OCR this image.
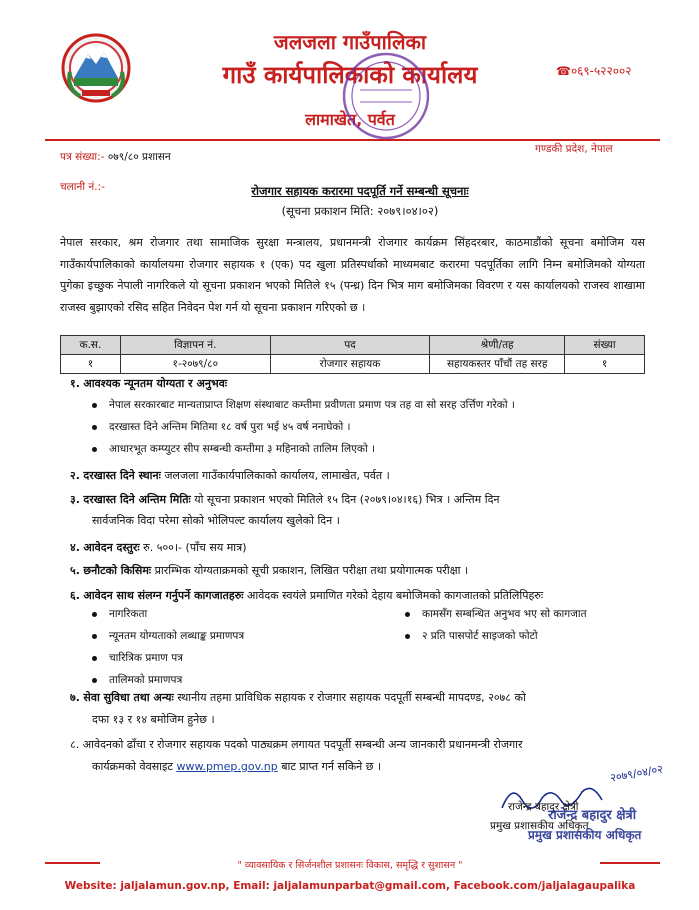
जलजला गाउँपालिका
गाउँ कार्यपालिकाको कार्यालय
लामाखेत, पर्वत
☎०६९-५२२००२
पत्र संख्या:- ०७९/८० प्रशासन
गण्डकी प्रदेश, नेपाल
चलानी नं.:-	रोजगार सहायक करारमा पदपूर्ति गर्ने सम्बन्धी सूचनाः
(सूचना प्रकाशन मिति: २०७९।०४।०२)
नेपाल सरकार, श्रम रोजगार तथा सामाजिक सुरक्षा मन्त्रालय, प्रधानमन्त्री रोजगार कार्यक्रम सिंहदरबार, काठमाडौंको सूचना बमोजिम यस गाउँकार्यपालिकाको कार्यालयमा रोजगार सहायक १ (एक) पद खुला प्रतिस्पर्धाको माध्यमबाट करारमा पदपूर्तिका लागि निम्न बमोजिमको योग्यता पुगेका इच्छुक नेपाली नागरिकले यो सूचना प्रकाशन भएको मितिले १५ (पन्ध्र) दिन भित्र माग बमोजिमका विवरण र यस कार्यालयको राजस्व शाखामा राजस्व बुझाएको रसिद सहित निवेदन पेश गर्न यो सूचना प्रकाशन गरिएको छ ।
क.स.	विज्ञापन नं.	पद	श्रेणी/तह	संख्या
१	१-२०७९/८०	रोजगार सहायक	सहायकस्तर पाँचौं तह सरह	१
१. आवश्यक न्यूनतम योग्यता र अनुभवः
नेपाल सरकारबाट मान्यताप्राप्त शिक्षण संस्थाबाट कम्तीमा प्रवीणता प्रमाण पत्र तह वा सो सरह उर्त्तिण गरेको ।
दरखास्त दिने अन्तिम मितिमा १८ वर्ष पुरा भई ४५ वर्ष ननाघेको ।
आधारभूत कम्प्युटर सीप सम्बन्धी कम्तीमा ३ महिनाको तालिम लिएको ।
२. दरखास्त दिने स्थानः जलजला गाउँकार्यपालिकाको कार्यालय, लामाखेत, पर्वत ।
३. दरखास्त दिने अन्तिम मितिः यो सूचना प्रकाशन भएको मितिले १५ दिन (२०७९।०४।१६) भित्र । अन्तिम दिन
सार्वजनिक विदा परेमा सोको भोलिपल्ट कार्यालय खुलेको दिन ।
४. आवेदन दस्तुरः रु. ५००।- (पाँच सय मात्र)
५. छनौटको किसिमः प्रारम्भिक योग्यताक्रमको सूची प्रकाशन, लिखित परीक्षा तथा प्रयोगात्मक परीक्षा ।
६. आवेदन साथ संलग्न गर्नुपर्ने कागजातहरुः आवेदक स्वयंले प्रमाणित गरेको देहाय बमोजिमको कागजातको प्रतिलिपिहरुः
नागरिकता
न्यूनतम योग्यताको लब्धाङ्क प्रमाणपत्र
चारित्रिक प्रमाण पत्र
तालिमको प्रमाणपत्र
कामसँग सम्बन्धित अनुभव भए सो कागजात
२ प्रति पासपोर्ट साइजको फोटो
७. सेवा सुविधा तथा अन्यः स्थानीय तहमा प्राविधिक सहायक र रोजगार सहायक पदपूर्ती सम्बन्धी मापदण्ड, २०७८ को
दफा १३ र १४ बमोजिम हुनेछ ।
८. आवेदनको ढाँचा र रोजगार सहायक पदको पाठ्यक्रम लगायत पदपूर्ती सम्बन्धी अन्य जानकारी प्रधानमन्त्री रोजगार
कार्यक्रमको वेवसाइट www.pmep.gov.np बाट प्राप्त गर्न सकिने छ ।	२०७९/०४/०२
राजेन्द्र बहादुर क्षेत्री
प्रमुख प्रशासकीय अधिकृत
राजेन्द्र बहादुर क्षेत्री
प्रमुख प्रशासकीय अधिकृत
" व्यावसायिक र सिर्जनशील प्रशासनः विकास, समृद्धि र सुशासन "
Website: jaljalamun.gov.np, Email: jaljalamunparbat@gmail.com, Facebook.com/jaljalagaupalika
